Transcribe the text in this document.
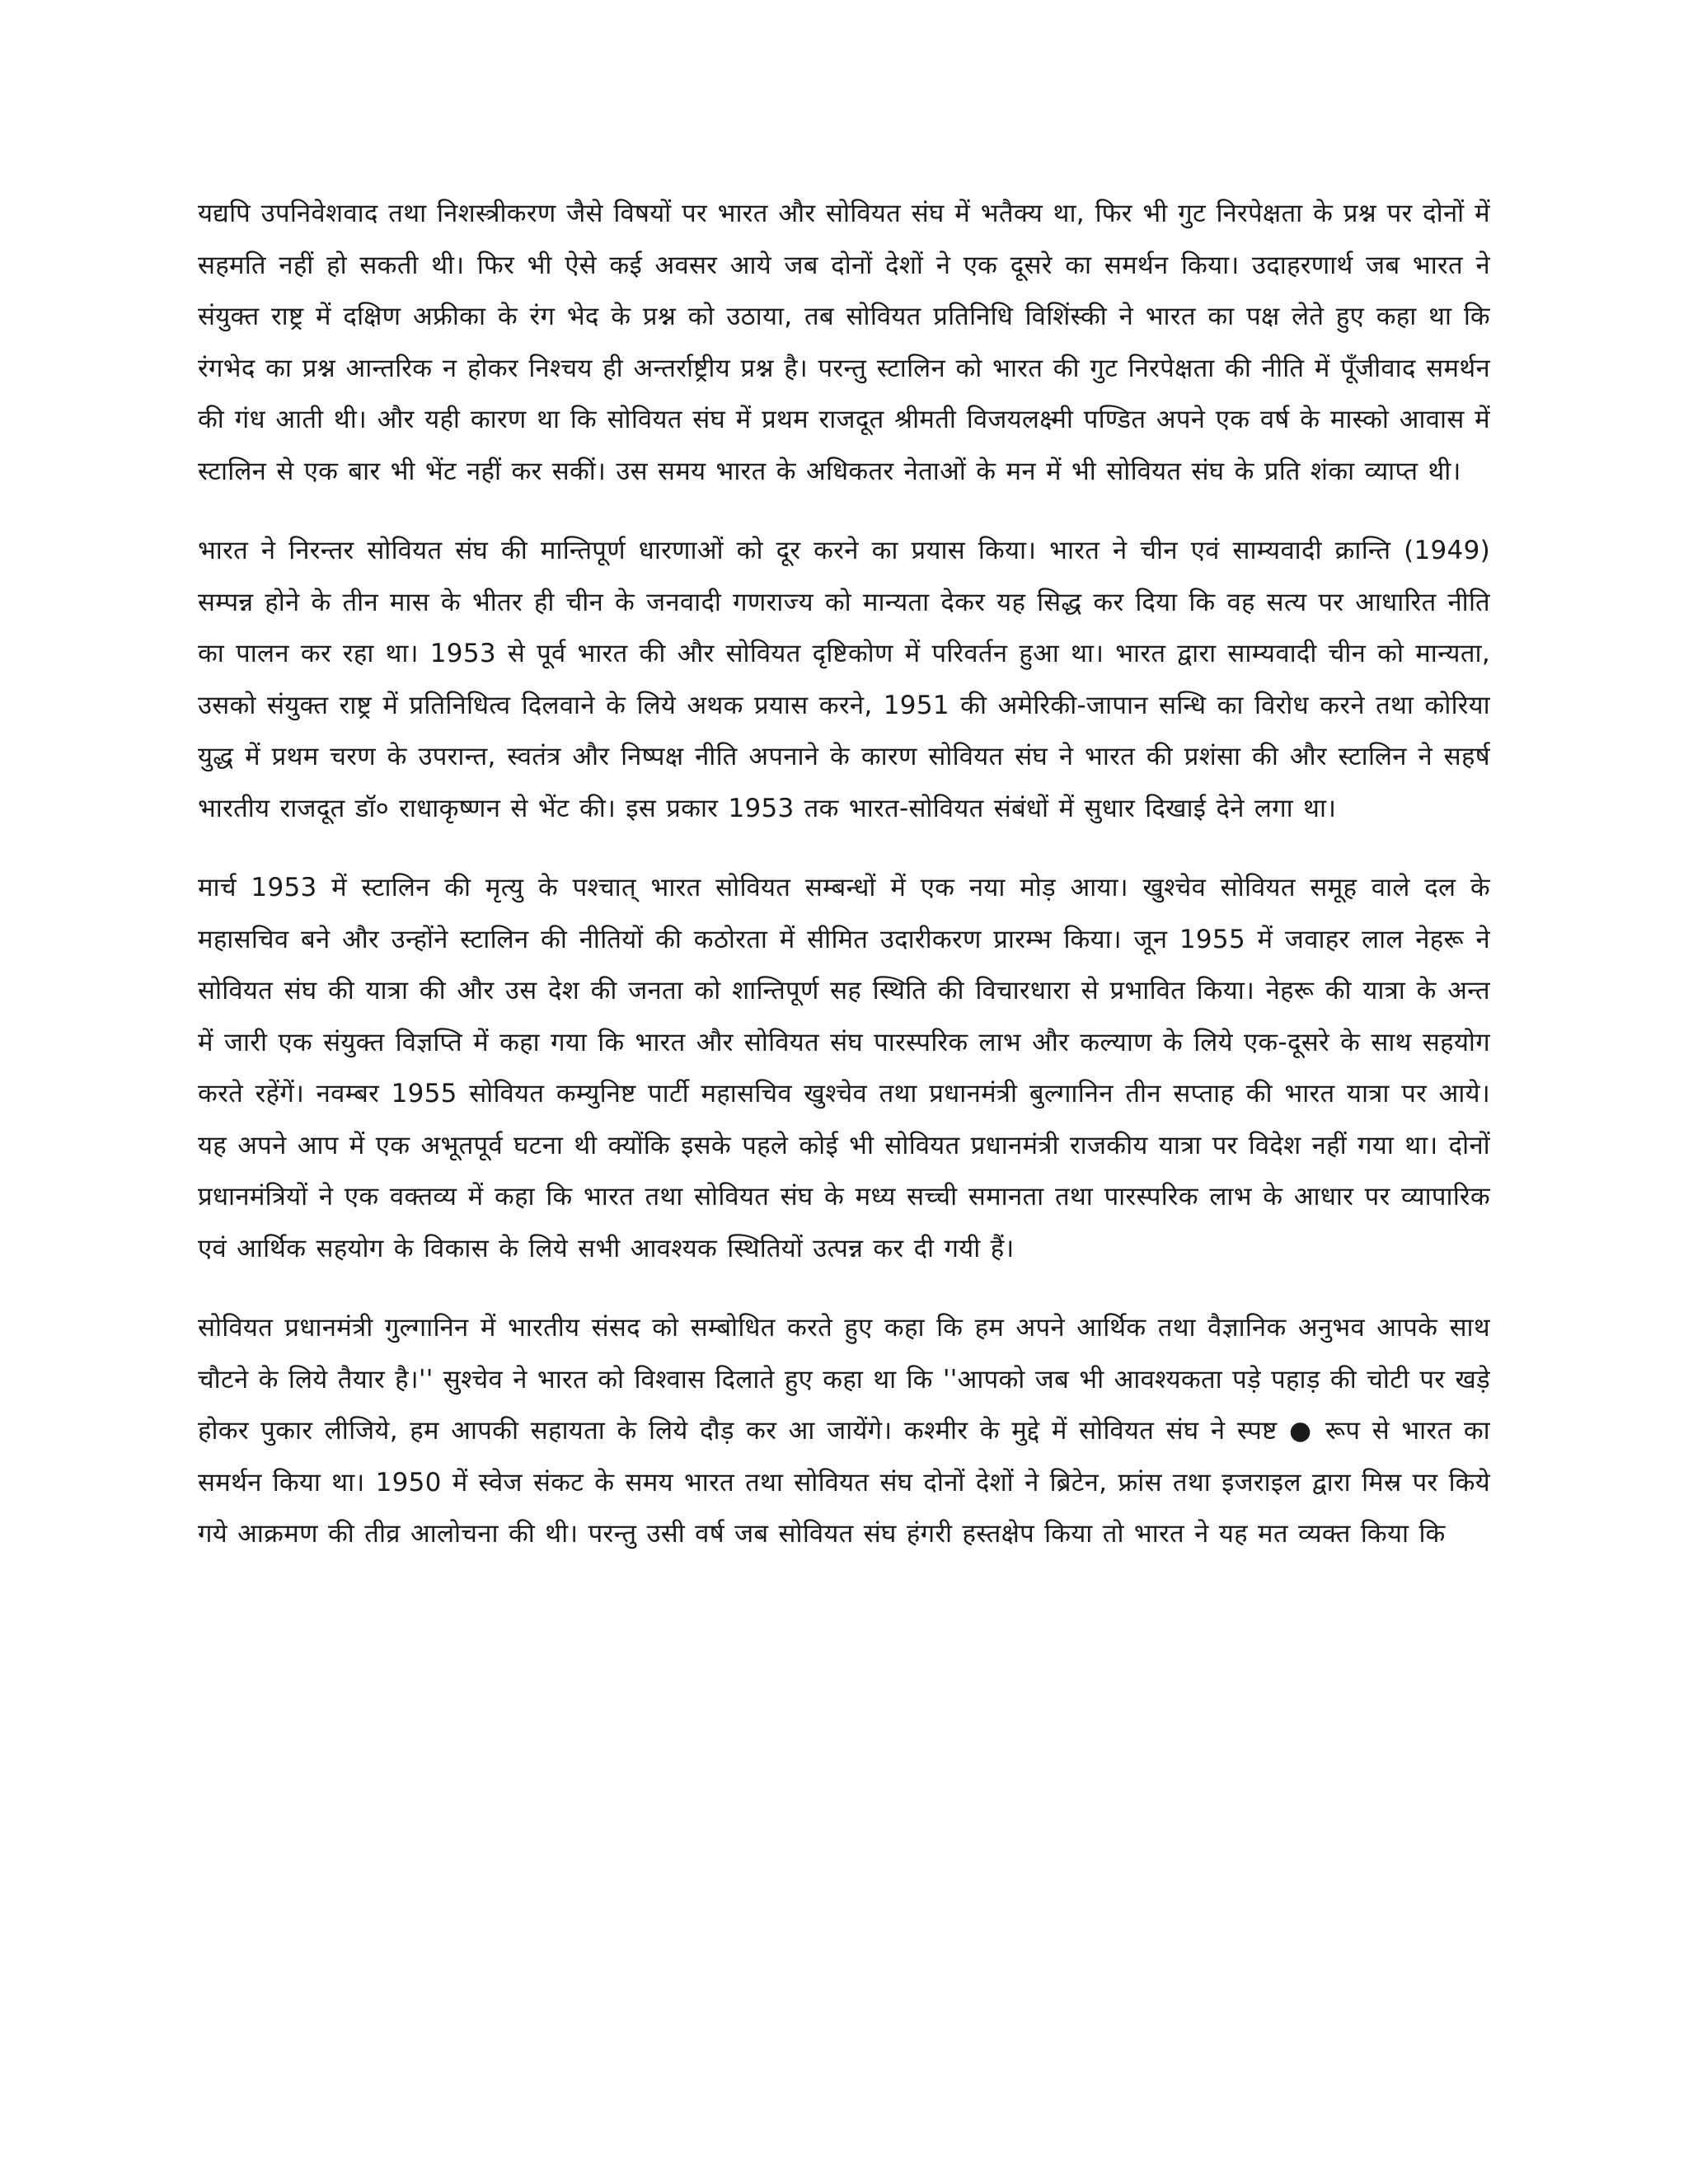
यद्यपि उपनिवेशवाद तथा निशस्त्रीकरण जैसे विषयों पर भारत और सोवियत संघ में भतैक्य था, फिर भी गुट निरपेक्षता के प्रश्न पर दोनों में सहमति नहीं हो सकती थी। फिर भी ऐसे कई अवसर आये जब दोनों देशों ने एक दूसरे का समर्थन किया। उदाहरणार्थ जब भारत ने संयुक्त राष्ट्र में दक्षिण अफ्रीका के रंग भेद के प्रश्न को उठाया, तब सोवियत प्रतिनिधि विशिंस्की ने भारत का पक्ष लेते हुए कहा था कि रंगभेद का प्रश्न आन्तरिक न होकर निश्चय ही अन्तर्राष्ट्रीय प्रश्न है। परन्तु स्टालिन को भारत की गुट निरपेक्षता की नीति में पूँजीवाद समर्थन की गंध आती थी। और यही कारण था कि सोवियत संघ में प्रथम राजदूत श्रीमती विजयलक्ष्मी पण्डित अपने एक वर्ष के मास्को आवास में स्टालिन से एक बार भी भेंट नहीं कर सकीं। उस समय भारत के अधिकतर नेताओं के मन में भी सोवियत संघ के प्रति शंका व्याप्त थी।

भारत ने निरन्तर सोवियत संघ की मान्तिपूर्ण धारणाओं को दूर करने का प्रयास किया। भारत ने चीन एवं साम्यवादी क्रान्ति (1949) सम्पन्न होने के तीन मास के भीतर ही चीन के जनवादी गणराज्य को मान्यता देकर यह सिद्ध कर दिया कि वह सत्य पर आधारित नीति का पालन कर रहा था। 1953 से पूर्व भारत की और सोवियत दृष्टिकोण में परिवर्तन हुआ था। भारत द्वारा साम्यवादी चीन को मान्यता, उसको संयुक्त राष्ट्र में प्रतिनिधित्व दिलवाने के लिये अथक प्रयास करने, 1951 की अमेरिकी-जापान सन्धि का विरोध करने तथा कोरिया युद्ध में प्रथम चरण के उपरान्त, स्वतंत्र और निष्पक्ष नीति अपनाने के कारण सोवियत संघ ने भारत की प्रशंसा की और स्टालिन ने सहर्ष भारतीय राजदूत डॉ० राधाकृष्णन से भेंट की। इस प्रकार 1953 तक भारत-सोवियत संबंधों में सुधार दिखाई देने लगा था।

मार्च 1953 में स्टालिन की मृत्यु के पश्चात् भारत सोवियत सम्बन्धों में एक नया मोड़ आया। खुश्चेव सोवियत समूह वाले दल के महासचिव बने और उन्होंने स्टालिन की नीतियों की कठोरता में सीमित उदारीकरण प्रारम्भ किया। जून 1955 में जवाहर लाल नेहरू ने सोवियत संघ की यात्रा की और उस देश की जनता को शान्तिपूर्ण सह स्थिति की विचारधारा से प्रभावित किया। नेहरू की यात्रा के अन्त में जारी एक संयुक्त विज्ञप्ति में कहा गया कि भारत और सोवियत संघ पारस्परिक लाभ और कल्याण के लिये एक-दूसरे के साथ सहयोग करते रहेंगें। नवम्बर 1955 सोवियत कम्युनिष्ट पार्टी महासचिव खुश्चेव तथा प्रधानमंत्री बुल्गानिन तीन सप्ताह की भारत यात्रा पर आये। यह अपने आप में एक अभूतपूर्व घटना थी क्योंकि इसके पहले कोई भी सोवियत प्रधानमंत्री राजकीय यात्रा पर विदेश नहीं गया था। दोनों प्रधानमंत्रियों ने एक वक्तव्य में कहा कि भारत तथा सोवियत संघ के मध्य सच्ची समानता तथा पारस्परिक लाभ के आधार पर व्यापारिक एवं आर्थिक सहयोग के विकास के लिये सभी आवश्यक स्थितियों उत्पन्न कर दी गयी हैं।

सोवियत प्रधानमंत्री गुल्गानिन में भारतीय संसद को सम्बोधित करते हुए कहा कि हम अपने आर्थिक तथा वैज्ञानिक अनुभव आपके साथ चौटने के लिये तैयार है।'' सुश्चेव ने भारत को विश्वास दिलाते हुए कहा था कि ''आपको जब भी आवश्यकता पड़े पहाड़ की चोटी पर खड़े होकर पुकार लीजिये, हम आपकी सहायता के लिये दौड़ कर आ जायेंगे। कश्मीर के मुद्दे में सोवियत संघ ने स्पष्ट ● रूप से भारत का समर्थन किया था। 1950 में स्वेज संकट के समय भारत तथा सोवियत संघ दोनों देशों ने ब्रिटेन, फ्रांस तथा इजराइल द्वारा मिस्र पर किये गये आक्रमण की तीव्र आलोचना की थी। परन्तु उसी वर्ष जब सोवियत संघ हंगरी हस्तक्षेप किया तो भारत ने यह मत व्यक्त किया कि
